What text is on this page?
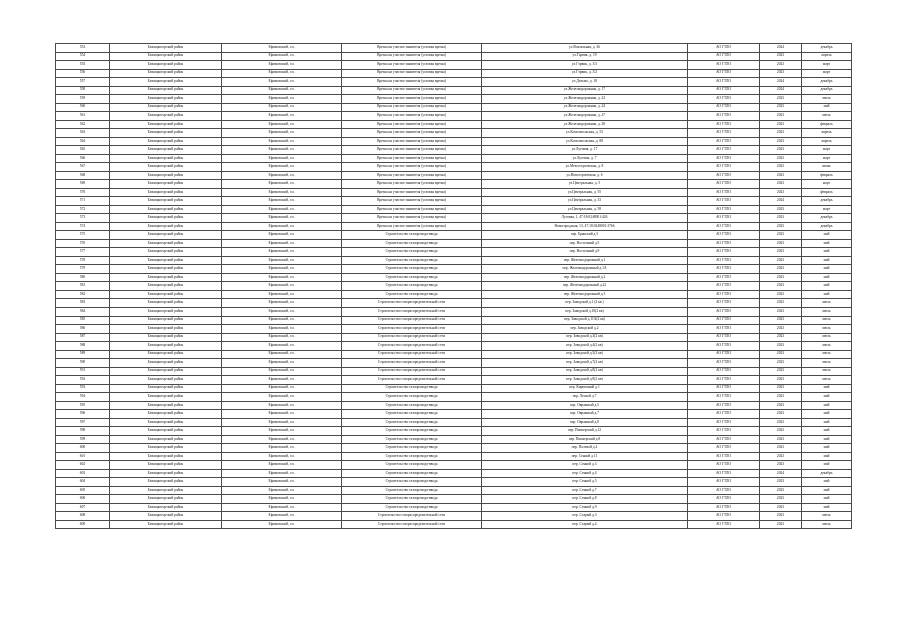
553	Бежицкогорский район	Ефимовский, г.п.	Врезка на участке заявителя (угловая врезка)	ул.Вокзальная, д. 36	АО ГТЛО	2024	декабрь
554	Бежицкогорский район	Ефимовский, г.п.	Врезка на участке заявителя (угловая врезка)	ул.Гэрвик, д. 19	АО ГТЛО	2023	апрель
555	Бежицкогорский район	Ефимовский, г.п.	Врезка на участке заявителя (угловая врезка)	ул.Гэрвик, д. 3/3	АО ГТЛО	2023	март
556	Бежицкогорский район	Ефимовский, г.п.	Врезка на участке заявителя (угловая врезка)	ул.Гэрвик, д. 3/2	АО ГТЛО	2023	март
557	Бежицкогорский район	Ефимовский, г.п.	Врезка на участке заявителя (угловая врезка)	ул.Дельмо, д. 18	АО ГТЛО	2024	декабрь
558	Бежицкогорский район	Ефимовский, г.п.	Врезка на участке заявителя (угловая врезка)	ул.Железнодорожная, д. 17	АО ГТЛО	2024	декабрь
559	Бежицкогорский район	Ефимовский, г.п.	Врезка на участке заявителя (угловая врезка)	ул.Железнодорожная, д. 22	АО ГТЛО	2023	июль
560	Бежицкогорский район	Ефимовский, г.п.	Врезка на участке заявителя (угловая врезка)	ул.Железнодорожная, д. 24	АО ГТЛО	2023	май
561	Бежицкогорский район	Ефимовский, г.п.	Врезка на участке заявителя (угловая врезка)	ул.Железнодорожная, д. 27	АО ГТЛО	2023	июль
562	Бежицкогорский район	Ефимовский, г.п.	Врезка на участке заявителя (угловая врезка)	ул.Железнодорожная, д. 28	АО ГТЛО	2023	февраль
563	Бежицкогорский район	Ефимовский, г.п.	Врезка на участке заявителя (угловая врезка)	ул.Комсомольская, д. 53	АО ГТЛО	2023	апрель
564	Бежицкогорский район	Ефимовский, г.п.	Врезка на участке заявителя (угловая врезка)	ул.Комсомольская, д. 88	АО ГТЛО	2023	апрель
565	Бежицкогорский район	Ефимовский, г.п.	Врезка на участке заявителя (угловая врезка)	ул.Луговая, д. 17	АО ГТЛО	2023	март
566	Бежицкогорский район	Ефимовский, г.п.	Врезка на участке заявителя (угловая врезка)	ул.Луговая, д. 7	АО ГТЛО	2023	март
567	Бежицкогорский район	Ефимовский, г.п.	Врезка на участке заявителя (угловая врезка)	ул.Мезгостроевская, д. 8	АО ГТЛО	2023	июнь
568	Бежицкогорский район	Ефимовский, г.п.	Врезка на участке заявителя (угловая врезка)	ул.Новостроевская, д. 6	АО ГТЛО	2023	февраль
569	Бежицкогорский район	Ефимовский, г.п.	Врезка на участке заявителя (угловая врезка)	ул.Центральная, д. 5	АО ГТЛО	2023	март
570	Бежицкогорский район	Ефимовский, г.п.	Врезка на участке заявителя (угловая врезка)	ул.Центральная, д. 55	АО ГТЛО	2023	февраль
571	Бежицкогорский район	Ефимовский, г.п.	Врезка на участке заявителя (угловая врезка)	ул.Центральная, д. 33	АО ГТЛО	2024	декабрь
572	Бежицкогорский район	Ефимовский, г.п.	Врезка на участке заявителя (угловая врезка)	ул.Центральная, д. 58	АО ГТЛО	2023	март
573	Бежицкогорский район	Ефимовский, г.п.	Врезка на участке заявителя (угловая врезка)	Луговая, 1, 47:18:0248001:426	АО ГТЛО	2023	декабрь
574	Бежицкогорский район	Ефимовский, г.п.	Врезка на участке заявителя (угловая врезка)	Новогородская, 13, 47:18:0248001:3766	АО ГТЛО	2023	декабрь
575	Бежицкогорский район	Ефимовский, г.п.	Строительство газопровода-ввода	пер. Брянский д.3	АО ГТЛО	2023	май
576	Бежицкогорский район	Ефимовский, г.п.	Строительство газопровода-ввода	пер. Восточный д.5	АО ГТЛО	2023	май
577	Бежицкогорский район	Ефимовский, г.п.	Строительство газопровода-ввода	пер. Восточный д.9	АО ГТЛО	2023	май
578	Бежицкогорский район	Ефимовский, г.п.	Строительство газопровода-ввода	пер. Железнодорожный д.1	АО ГТЛО	2023	май
579	Бежицкогорский район	Ефимовский, г.п.	Строительство газопровода-ввода	пер. Железнодорожный д.1А	АО ГТЛО	2023	май
580	Бежицкогорский район	Ефимовский, г.п.	Строительство газопровода-ввода	пер. Железнодорожный д.2	АО ГТЛО	2023	май
581	Бежицкогорский район	Ефимовский, г.п.	Строительство газопровода-ввода	пер. Железнодорожный д.22	АО ГТЛО	2023	май
582	Бежицкогорский район	Ефимовский, г.п.	Строительство газопровода-ввода	пер. Железнодорожный д.3	АО ГТЛО	2023	май
583	Бежицкогорский район	Ефимовский, г.п.	Строительство газораспределительной сети	пер. Заводской д.1 (2 кв.)	АО ГТЛО	2023	июль
584	Бежицкогорский район	Ефимовский, г.п.	Строительство газораспределительной сети	пер. Заводской д.10(2 кв)	АО ГТЛО	2023	июль
585	Бежицкогорский район	Ефимовский, г.п.	Строительство газораспределительной сети	пер. Заводской д.11А(2 кв)	АО ГТЛО	2023	июль
586	Бежицкогорский район	Ефимовский, г.п.	Строительство газораспределительной сети	пер. Заводской д.2	АО ГТЛО	2023	июль
587	Бежицкогорский район	Ефимовский, г.п.	Строительство газораспределительной сети	пер. Заводской д.3(2 кв)	АО ГТЛО	2023	июль
588	Бежицкогорский район	Ефимовский, г.п.	Строительство газораспределительной сети	пер. Заводской д.4(2 кв)	АО ГТЛО	2023	июль
589	Бежицкогорский район	Ефимовский, г.п.	Строительство газораспределительной сети	пер. Заводской д.5(2 кв)	АО ГТЛО	2023	июль
590	Бежицкогорский район	Ефимовский, г.п.	Строительство газораспределительной сети	пер. Заводской д.7(2 кв)	АО ГТЛО	2023	июль
591	Бежицкогорский район	Ефимовский, г.п.	Строительство газораспределительной сети	пер. Заводской д.8(2 кв)	АО ГТЛО	2023	июль
592	Бежицкогорский район	Ефимовский, г.п.	Строительство газораспределительной сети	пер. Заводской д.9(2 кв)	АО ГТЛО	2023	июль
593	Бежицкогорский район	Ефимовский, г.п.	Строительство газопровода-ввода	пер. Кирпичный д.1	АО ГТЛО	2023	май
594	Бежицкогорский район	Ефимовский, г.п.	Строительство газопровода-ввода	пер. Лесной д.7	АО ГТЛО	2023	май
595	Бежицкогорский район	Ефимовский, г.п.	Строительство газопровода-ввода	пер. Овражный д.5	АО ГТЛО	2023	май
596	Бежицкогорский район	Ефимовский, г.п.	Строительство газопровода-ввода	пер. Овражный д.7	АО ГТЛО	2023	май
597	Бежицкогорский район	Ефимовский, г.п.	Строительство газопровода-ввода	пер. Овражный д.8	АО ГТЛО	2023	май
598	Бежицкогорский район	Ефимовский, г.п.	Строительство газопровода-ввода	пер. Пионерский д.12	АО ГТЛО	2023	май
599	Бежицкогорский район	Ефимовский, г.п.	Строительство газопровода-ввода	пер. Пионерский д.8	АО ГТЛО	2023	май
600	Бежицкогорский район	Ефимовский, г.п.	Строительство газопровода-ввода	пер. Полевой д.2	АО ГТЛО	2023	май
601	Бежицкогорский район	Ефимовский, г.п.	Строительство газопровода-ввода	пер. Сенной д.11	АО ГТЛО	2023	май
602	Бежицкогорский район	Ефимовский, г.п.	Строительство газопровода-ввода	пер. Сенной д.3	АО ГТЛО	2023	май
603	Бежицкогорский район	Ефимовский, г.п.	Строительство газопровода-ввода	пер. Сенной д.4	АО ГТЛО	2024	декабрь
604	Бежицкогорский район	Ефимовский, г.п.	Строительство газопровода-ввода	пер. Сенной д.5	АО ГТЛО	2023	май
605	Бежицкогорский район	Ефимовский, г.п.	Строительство газопровода-ввода	пер. Сенной д.7	АО ГТЛО	2023	май
606	Бежицкогорский район	Ефимовский, г.п.	Строительство газопровода-ввода	пер. Сенной д.8	АО ГТЛО	2023	май
607	Бежицкогорский район	Ефимовский, г.п.	Строительство газопровода-ввода	пер. Сенной д.9	АО ГТЛО	2023	май
608	Бежицкогорский район	Ефимовский, г.п.	Строительство газораспределительной сети	пер. Старый д.3	АО ГТЛО	2023	июль
609	Бежицкогорский район	Ефимовский, г.п.	Строительство газораспределительной сети	пер. Старый д.4	АО ГТЛО	2023	июль
